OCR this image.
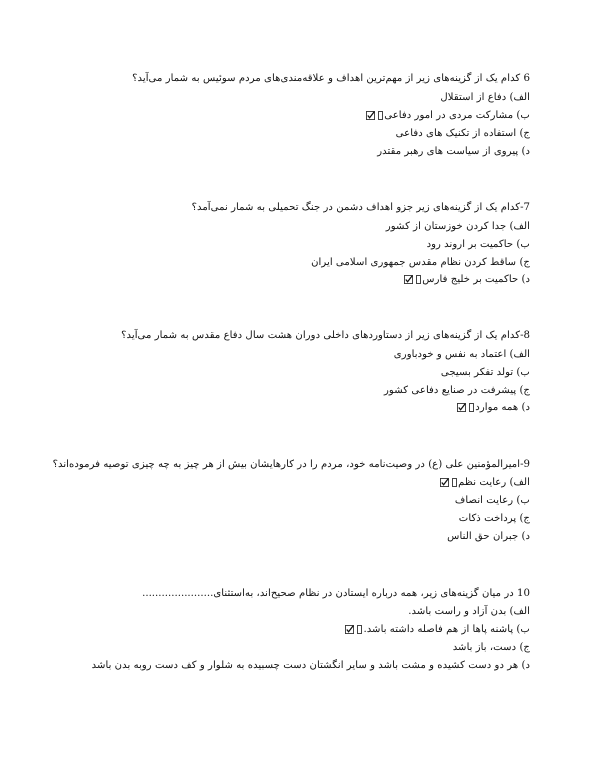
6 کدام یک از گزینه‌های زیر از مهم‌ترین اهداف و علاقه‌مندی‌های مردم سوئیس به شمار می‌آید؟
الف) دفاع از استقلال
ب) مشارکت مردی در امور دفاعی
ج) استفاده از تکنیک های دفاعی
د) پیروی از سیاست های رهبر مقتدر
7-کدام یک از گزینه‌های زیر جزو اهداف دشمن در جنگ تحمیلی به شمار نمی‌آمد؟
الف) جدا کردن خوزستان از کشور
ب) حاکمیت بر اروند رود
ج) ساقط کردن نظام مقدس جمهوری اسلامی ایران
د) حاکمیت بر خلیج فارس
8-کدام یک از گزینه‌های زیر از دستاوردهای داخلی دوران هشت سال دفاع مقدس به شمار می‌آید؟
الف) اعتماد به نفس و خودباوری
ب) تولد تفکر بسیجی
ج) پیشرفت در صنایع دفاعی کشور
د) همه موارد
9-امیرالمؤمنین علی (ع) در وصیت‌نامه خود، مردم را در کارهایشان بیش از هر چیز به چه چیزی توصیه فرموده‌اند؟
الف) رعایت نظم
ب) رعایت انصاف
ج) پرداخت ذکات
د) جبران حق الناس
10 در میان گزینه‌های زیر، همه درباره ایستادن در نظام صحیح‌اند، به‌استثنای......................
الف) بدن آزاد و راست باشد.
ب) پاشنه پاها از هم فاصله داشته باشد.
ج) دست، باز باشد
د) هر دو دست کشیده و مشت باشد و سایر انگشتان دست چسبیده به شلوار و کف دست روبه بدن باشد
